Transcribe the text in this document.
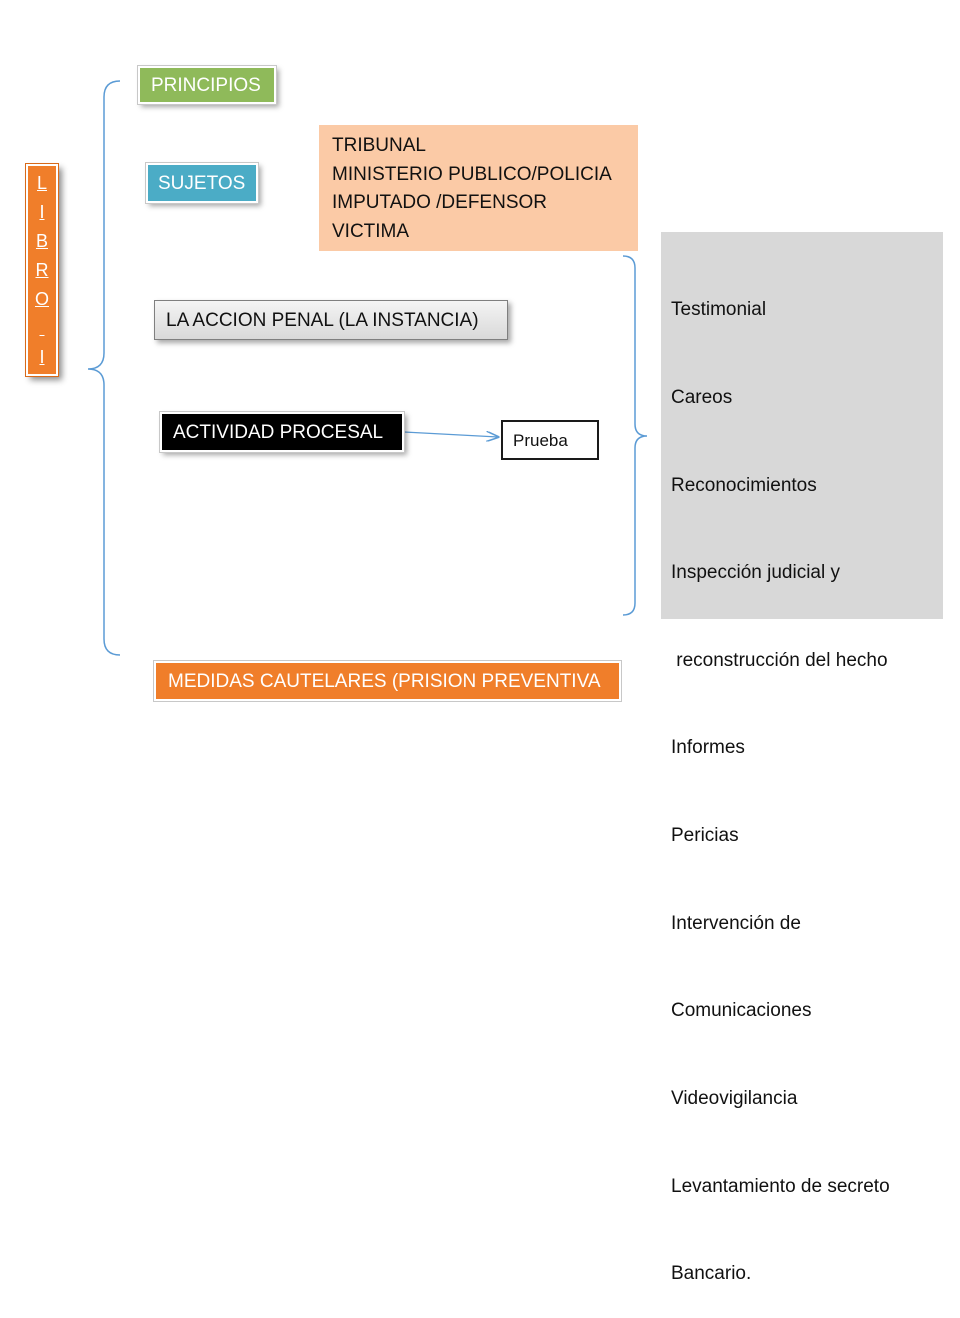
L
I
B
R
O

I
PRINCIPIOS
SUJETOS
LA ACCION PENAL (LA INSTANCIA)
ACTIVIDAD PROCESAL	Prueba
MEDIDAS CAUTELARES (PRISION PREVENTIVA
TRIBUNAL
MINISTERIO PUBLICO/POLICIA
IMPUTADO /DEFENSOR
VICTIMA

Testimonial

Careos

Reconocimientos

Inspección judicial y

reconstrucción del hecho

Informes

Pericias

Intervención de

Comunicaciones

Videovigilancia

Levantamiento de secreto

Bancario.
